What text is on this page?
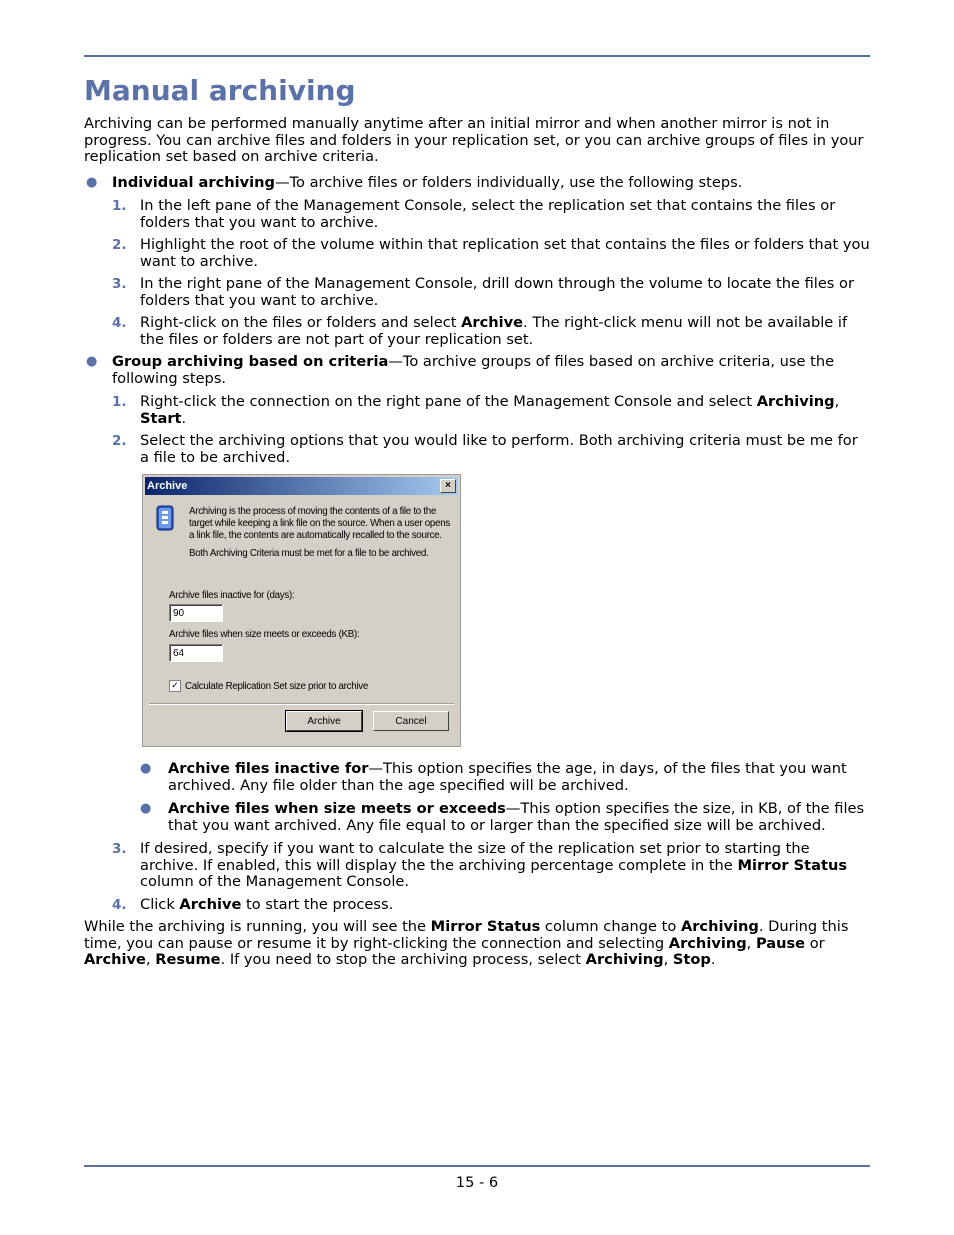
Manual archiving

Archiving can be performed manually anytime after an initial mirror and when another mirror is not in progress. You can archive files and folders in your replication set, or you can archive groups of files in your replication set based on archive criteria.

● Individual archiving—To archive files or folders individually, use the following steps.
1. In the left pane of the Management Console, select the replication set that contains the files or folders that you want to archive.
2. Highlight the root of the volume within that replication set that contains the files or folders that you want to archive.
3. In the right pane of the Management Console, drill down through the volume to locate the files or folders that you want to archive.
4. Right-click on the files or folders and select Archive. The right-click menu will not be available if the files or folders are not part of your replication set.
● Group archiving based on criteria—To archive groups of files based on archive criteria, use the following steps.
1. Right-click the connection on the right pane of the Management Console and select Archiving, Start.
2. Select the archiving options that you would like to perform. Both archiving criteria must be me for a file to be archived.
Archive	×
Archiving is the process of moving the contents of a file to the target while keeping a link file on the source. When a user opens a link file, the contents are automatically recalled to the source.
Both Archiving Criteria must be met for a file to be archived.
Archive files inactive for (days):
90
Archive files when size meets or exceeds (KB):
64
✓ Calculate Replication Set size prior to archive
Archive	Cancel
● Archive files inactive for—This option specifies the age, in days, of the files that you want archived. Any file older than the age specified will be archived.
● Archive files when size meets or exceeds—This option specifies the size, in KB, of the files that you want archived. Any file equal to or larger than the specified size will be archived.
3. If desired, specify if you want to calculate the size of the replication set prior to starting the archive. If enabled, this will display the the archiving percentage complete in the Mirror Status column of the Management Console.
4. Click Archive to start the process.

While the archiving is running, you will see the Mirror Status column change to Archiving. During this time, you can pause or resume it by right-clicking the connection and selecting Archiving, Pause or Archive, Resume. If you need to stop the archiving process, select Archiving, Stop.

15 - 6
